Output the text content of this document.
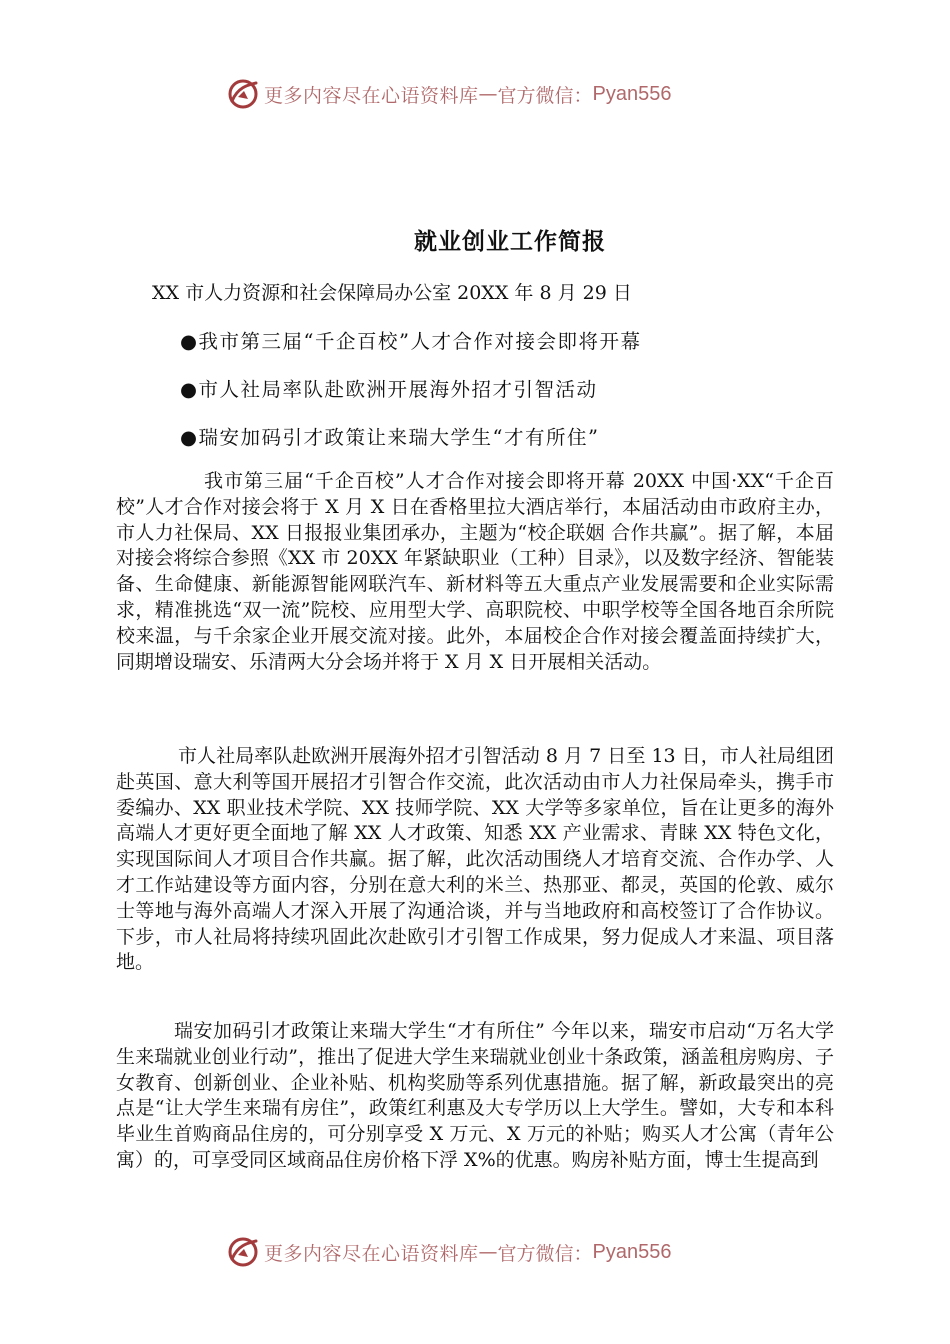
更多内容尽在心语资料库 — 官方微信： Pyan556
就业创业工作简报
XX 市人力资源和社会保障局办公室 20XX 年 8 月 29 日
●我市第三届“千企百校”人才合作对接会即将开幕
●市人社局率队赴欧洲开展海外招才引智活动
●瑞安加码引才政策让来瑞大学生“才有所住”

我市第三届“千企百校”人才合作对接会即将开幕 20XX 中国·XX“千企百校”人才合作对接会将于 X 月 X 日在香格里拉大酒店举行，本届活动由市政府主办，市人力社保局、XX 日报报业集团承办，主题为“校企联姻 合作共赢”。据了解，本届对接会将综合参照《XX 市 20XX 年紧缺职业（工种）目录》，以及数字经济、智能装备、生命健康、新能源智能网联汽车、新材料等五大重点产业发展需要和企业实际需求，精准挑选“双一流”院校、应用型大学、高职院校、中职学校等全国各地百余所院校来温，与千余家企业开展交流对接。此外，本届校企合作对接会覆盖面持续扩大，同期增设瑞安、乐清两大分会场并将于 X 月 X 日开展相关活动。

市人社局率队赴欧洲开展海外招才引智活动 8 月 7 日至 13 日，市人社局组团赴英国、意大利等国开展招才引智合作交流，此次活动由市人力社保局牵头，携手市委编办、XX 职业技术学院、XX 技师学院、XX 大学等多家单位，旨在让更多的海外高端人才更好更全面地了解 XX 人才政策、知悉 XX 产业需求、青睐 XX 特色文化，实现国际间人才项目合作共赢。据了解，此次活动围绕人才培育交流、合作办学、人才工作站建设等方面内容，分别在意大利的米兰、热那亚、都灵，英国的伦敦、威尔士等地与海外高端人才深入开展了沟通洽谈，并与当地政府和高校签订了合作协议。下步，市人社局将持续巩固此次赴欧引才引智工作成果，努力促成人才来温、项目落地。

瑞安加码引才政策让来瑞大学生“才有所住” 今年以来，瑞安市启动“万名大学生来瑞就业创业行动”，推出了促进大学生来瑞就业创业十条政策，涵盖租房购房、子女教育、创新创业、企业补贴、机构奖励等系列优惠措施。据了解，新政最突出的亮点是“让大学生来瑞有房住”，政策红利惠及大专学历以上大学生。譬如，大专和本科毕业生首购商品住房的，可分别享受 X 万元、X 万元的补贴；购买人才公寓（青年公寓）的，可享受同区域商品住房价格下浮 X%的优惠。购房补贴方面，博士生提高到

更多内容尽在心语资料库 — 官方微信： Pyan556
